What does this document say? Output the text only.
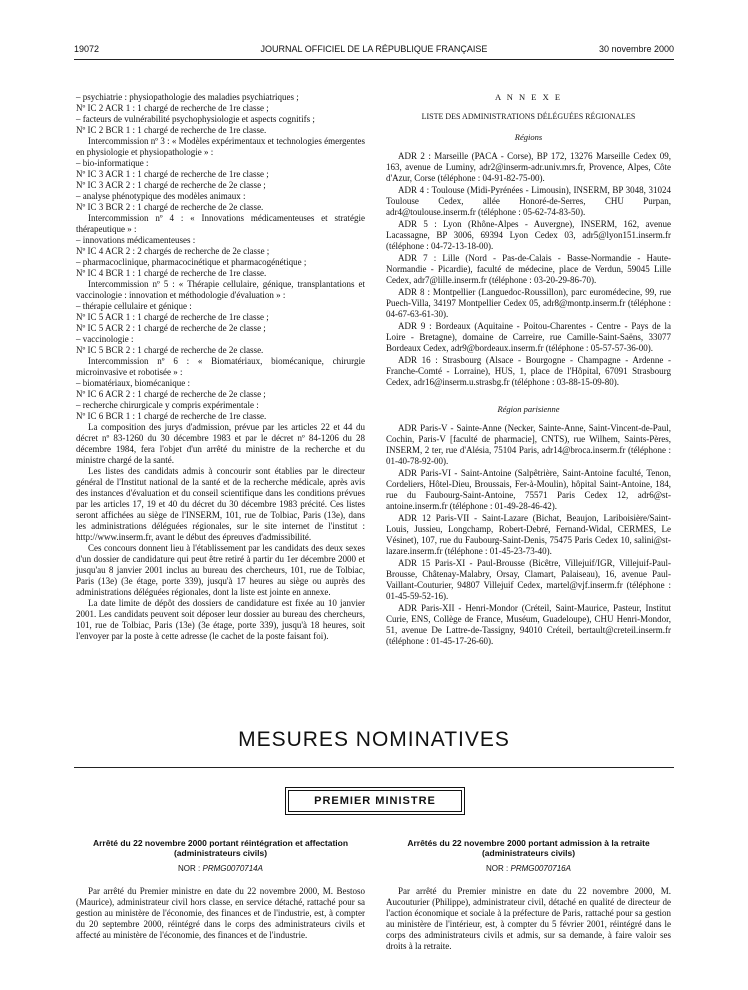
19072	JOURNAL OFFICIEL DE LA RÉPUBLIQUE FRANÇAISE	30 novembre 2000

– psychiatrie : physiopathologie des maladies psychiatriques ;

Nº IC 2 ACR 1 : 1 chargé de recherche de 1re classe ;

– facteurs de vulnérabilité psychophysiologie et aspects cognitifs ;

Nº IC 2 BCR 1 : 1 chargé de recherche de 1re classe.

Intercommission nº 3 : « Modèles expérimentaux et technologies émergentes en physiologie et physiopathologie » :

– bio-informatique :

Nº IC 3 ACR 1 : 1 chargé de recherche de 1re classe ;

Nº IC 3 ACR 2 : 1 chargé de recherche de 2e classe ;

– analyse phénotypique des modèles animaux :

Nº IC 3 BCR 2 : 1 chargé de recherche de 2e classe.

Intercommission nº 4 : « Innovations médicamenteuses et stratégie thérapeutique » :

– innovations médicamenteuses :

Nº IC 4 ACR 2 : 2 chargés de recherche de 2e classe ;

– pharmacoclinique, pharmacocinétique et pharmacogénétique ;

Nº IC 4 BCR 1 : 1 chargé de recherche de 1re classe.

Intercommission nº 5 : « Thérapie cellulaire, génique, transplantations et vaccinologie : innovation et méthodologie d'évaluation » :

– thérapie cellulaire et génique :

Nº IC 5 ACR 1 : 1 chargé de recherche de 1re classe ;

Nº IC 5 ACR 2 : 1 chargé de recherche de 2e classe ;

– vaccinologie :

Nº IC 5 BCR 2 : 1 chargé de recherche de 2e classe.

Intercommission nº 6 : « Biomatériaux, biomécanique, chirurgie microinvasive et robotisée » :

– biomatériaux, biomécanique :

Nº IC 6 ACR 2 : 1 chargé de recherche de 2e classe ;

– recherche chirurgicale y compris expérimentale :

Nº IC 6 BCR 1 : 1 chargé de recherche de 1re classe.

La composition des jurys d'admission, prévue par les articles 22 et 44 du décret nº 83-1260 du 30 décembre 1983 et par le décret nº 84-1206 du 28 décembre 1984, fera l'objet d'un arrêté du ministre de la recherche et du ministre chargé de la santé.

Les listes des candidats admis à concourir sont établies par le directeur général de l'Institut national de la santé et de la recherche médicale, après avis des instances d'évaluation et du conseil scientifique dans les conditions prévues par les articles 17, 19 et 40 du décret du 30 décembre 1983 précité. Ces listes seront affichées au siège de l'INSERM, 101, rue de Tolbiac, Paris (13e), dans les administrations déléguées régionales, sur le site internet de l'institut : http://www.inserm.fr, avant le début des épreuves d'admissibilité.

Ces concours donnent lieu à l'établissement par les candidats des deux sexes d'un dossier de candidature qui peut être retiré à partir du 1er décembre 2000 et jusqu'au 8 janvier 2001 inclus au bureau des chercheurs, 101, rue de Tolbiac, Paris (13e) (3e étage, porte 339), jusqu'à 17 heures au siège ou auprès des administrations déléguées régionales, dont la liste est jointe en annexe.

La date limite de dépôt des dossiers de candidature est fixée au 10 janvier 2001. Les candidats peuvent soit déposer leur dossier au bureau des chercheurs, 101, rue de Tolbiac, Paris (13e) (3e étage, porte 339), jusqu'à 18 heures, soit l'envoyer par la poste à cette adresse (le cachet de la poste faisant foi).

A N N E X E

LISTE DES ADMINISTRATIONS DÉLÉGUÉES RÉGIONALES

Régions

ADR 2 : Marseille (PACA - Corse), BP 172, 13276 Marseille Cedex 09, 163, avenue de Luminy, adr2@inserm-adr.univ.mrs.fr, Provence, Alpes, Côte d'Azur, Corse (téléphone : 04-91-82-75-00).

ADR 4 : Toulouse (Midi-Pyrénées - Limousin), INSERM, BP 3048, 31024 Toulouse Cedex, allée Honoré-de-Serres, CHU Purpan, adr4@toulouse.inserm.fr (téléphone : 05-62-74-83-50).

ADR 5 : Lyon (Rhône-Alpes - Auvergne), INSERM, 162, avenue Lacassagne, BP 3006, 69394 Lyon Cedex 03, adr5@lyon151.inserm.fr (téléphone : 04-72-13-18-00).

ADR 7 : Lille (Nord - Pas-de-Calais - Basse-Normandie - Haute-Normandie - Picardie), faculté de médecine, place de Verdun, 59045 Lille Cedex, adr7@lille.inserm.fr (téléphone : 03-20-29-86-70).

ADR 8 : Montpellier (Languedoc-Roussillon), parc euromédecine, 99, rue Puech-Villa, 34197 Montpellier Cedex 05, adr8@montp.inserm.fr (téléphone : 04-67-63-61-30).

ADR 9 : Bordeaux (Aquitaine - Poitou-Charentes - Centre - Pays de la Loire - Bretagne), domaine de Carreire, rue Camille-Saint-Saëns, 33077 Bordeaux Cedex, adr9@bordeaux.inserm.fr (téléphone : 05-57-57-36-00).

ADR 16 : Strasbourg (Alsace - Bourgogne - Champagne - Ardenne - Franche-Comté - Lorraine), HUS, 1, place de l'Hôpital, 67091 Strasbourg Cedex, adr16@inserm.u.strasbg.fr (téléphone : 03-88-15-09-80).

Région parisienne

ADR Paris-V - Sainte-Anne (Necker, Sainte-Anne, Saint-Vincent-de-Paul, Cochin, Paris-V [faculté de pharmacie], CNTS), rue Wilhem, Saints-Pères, INSERM, 2 ter, rue d'Alésia, 75104 Paris, adr14@broca.inserm.fr (téléphone : 01-40-78-92-00).

ADR Paris-VI - Saint-Antoine (Salpêtrière, Saint-Antoine faculté, Tenon, Cordeliers, Hôtel-Dieu, Broussais, Fer-à-Moulin), hôpital Saint-Antoine, 184, rue du Faubourg-Saint-Antoine, 75571 Paris Cedex 12, adr6@st-antoine.inserm.fr (téléphone : 01-49-28-46-42).

ADR 12 Paris-VII - Saint-Lazare (Bichat, Beaujon, Lariboisière/Saint-Louis, Jussieu, Longchamp, Robert-Debré, Fernand-Widal, CERMES, Le Vésinet), 107, rue du Faubourg-Saint-Denis, 75475 Paris Cedex 10, salini@st-lazare.inserm.fr (téléphone : 01-45-23-73-40).

ADR 15 Paris-XI - Paul-Brousse (Bicêtre, Villejuif/IGR, Villejuif-Paul-Brousse, Châtenay-Malabry, Orsay, Clamart, Palaiseau), 16, avenue Paul-Vaillant-Couturier, 94807 Villejuif Cedex, martel@vjf.inserm.fr (téléphone : 01-45-59-52-16).

ADR Paris-XII - Henri-Mondor (Créteil, Saint-Maurice, Pasteur, Institut Curie, ENS, Collège de France, Muséum, Guadeloupe), CHU Henri-Mondor, 51, avenue De Lattre-de-Tassigny, 94010 Créteil, bertault@creteil.inserm.fr (téléphone : 01-45-17-26-60).

MESURES NOMINATIVES
PREMIER MINISTRE

Arrêté du 22 novembre 2000 portant réintégration et affectation (administrateurs civils)

NOR : PRMG0070714A

Par arrêté du Premier ministre en date du 22 novembre 2000, M. Bestoso (Maurice), administrateur civil hors classe, en service détaché, rattaché pour sa gestion au ministère de l'économie, des finances et de l'industrie, est, à compter du 20 septembre 2000, réintégré dans le corps des administrateurs civils et affecté au ministère de l'économie, des finances et de l'industrie.

Arrêtés du 22 novembre 2000 portant admission à la retraite (administrateurs civils)

NOR : PRMG0070716A

Par arrêté du Premier ministre en date du 22 novembre 2000, M. Aucouturier (Philippe), administrateur civil, détaché en qualité de directeur de l'action économique et sociale à la préfecture de Paris, rattaché pour sa gestion au ministère de l'intérieur, est, à compter du 5 février 2001, réintégré dans le corps des administrateurs civils et admis, sur sa demande, à faire valoir ses droits à la retraite.
